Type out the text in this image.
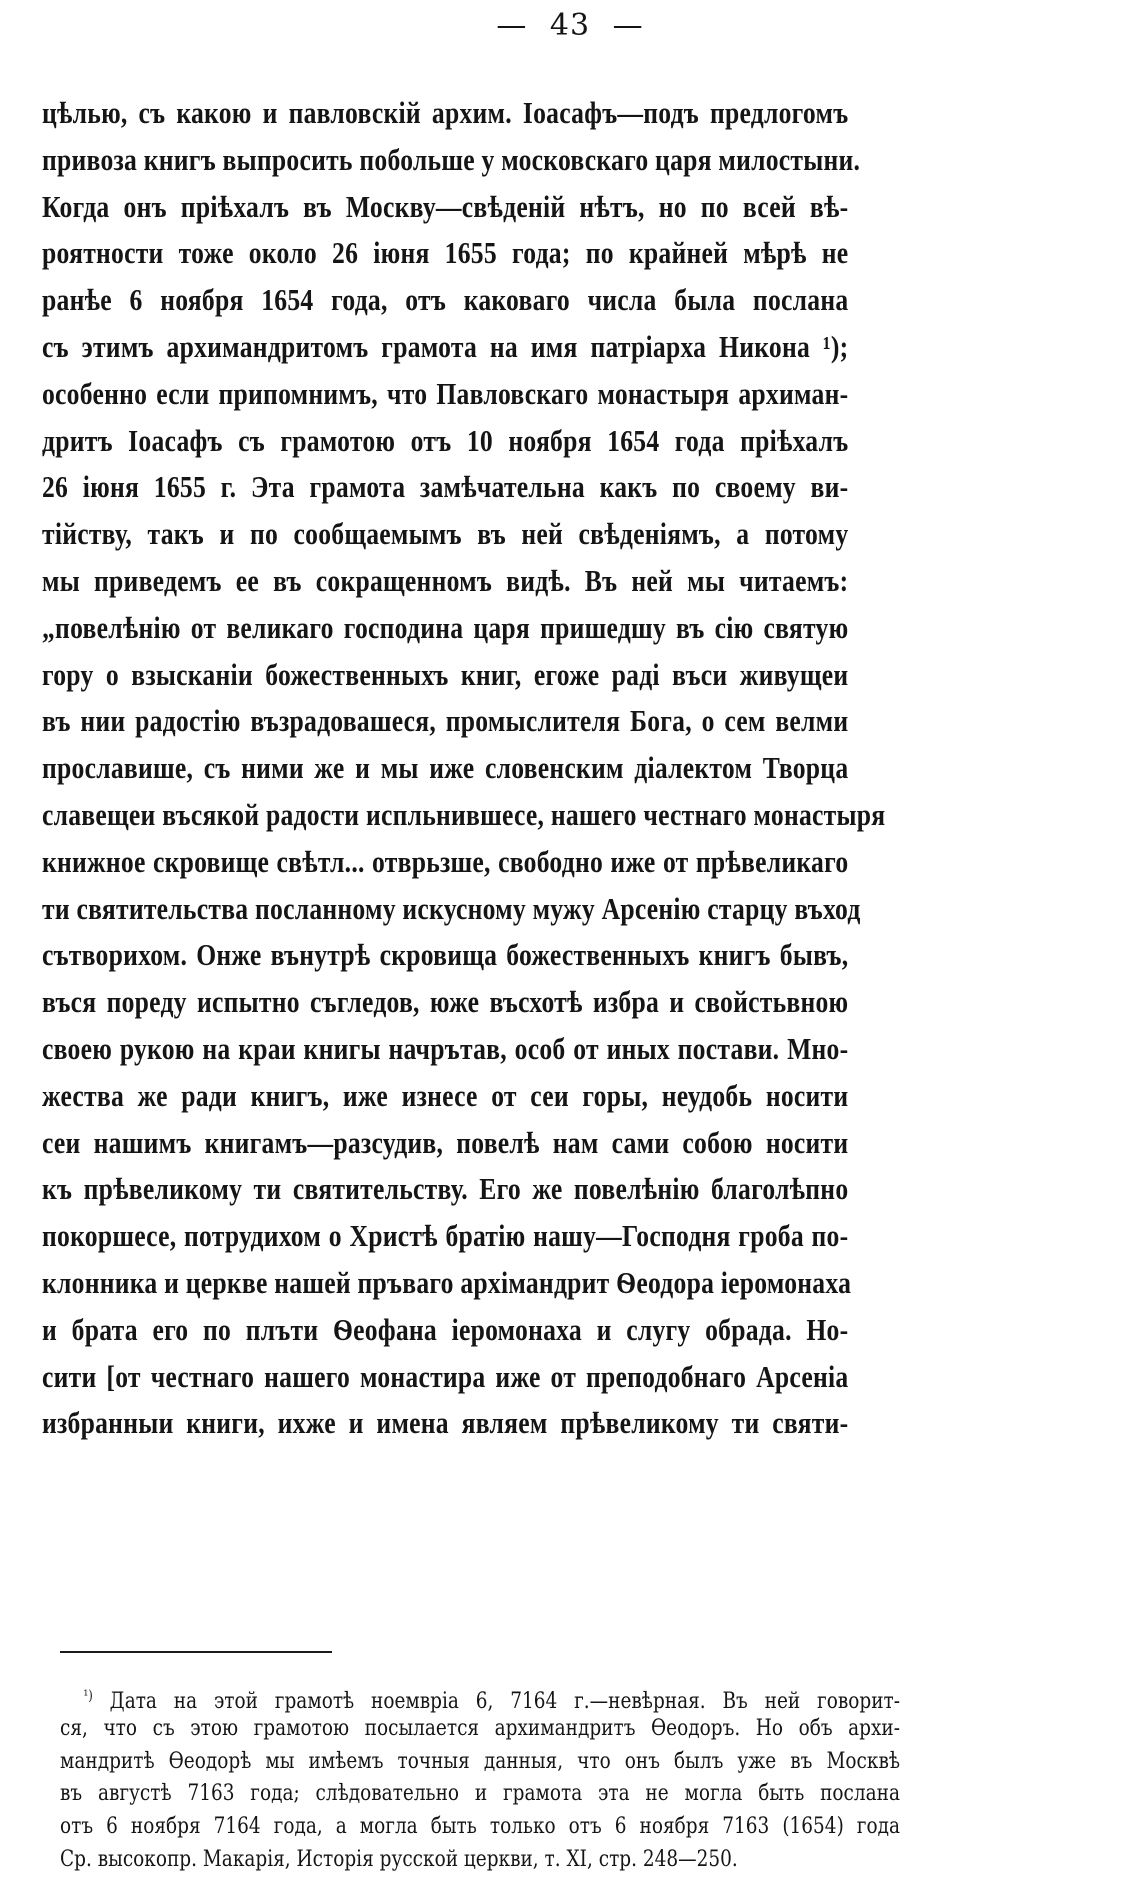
— 43 —
цѣлью, съ какою и павловскій архим. Іоасафъ—подъ предлогомъ
привоза книгъ выпросить побольше у московскаго царя милостыни.
Когда онъ пріѣхалъ въ Москву—свѣденій нѣтъ, но по всей вѣ-
роятности тоже около 26 іюня 1655 года; по крайней мѣрѣ не
ранѣе 6 ноября 1654 года, отъ каковаго числа была послана
съ этимъ архимандритомъ грамота на имя патріарха Никона ¹);
особенно если припомнимъ, что Павловскаго монастыря архиман-
дритъ Іоасафъ съ грамотою отъ 10 ноября 1654 года пріѣхалъ
26 іюня 1655 г. Эта грамота замѣчательна какъ по своему ви-
тійству, такъ и по сообщаемымъ въ ней свѣденіямъ, а потому
мы приведемъ ее въ сокращенномъ видѣ. Въ ней мы читаемъ:
„повелѣнію от великаго господина царя пришедшу въ сію святую
гору о взысканіи божественныхъ книг, егоже раді въси живущеи
въ нии радостію възрадовашеся, промыслителя Бога, о сем велми
прославише, съ ними же и мы иже словенским діалектом Творца
славещеи въсякой радости испльнившесе, нашего честнаго монастыря
книжное скровище свѣтл... отврьзше, свободно иже от прѣвеликаго
ти святительства посланному искусному мужу Арсенію старцу въход
сътворихом. Онже вънутрѣ скровища божественныхъ книгъ бывъ,
въся пореду испытно съгледов, юже въсхотѣ избра и свойстьвною
своею рукою на краи книгы начрътав, особ от иных постави. Мно-
жества же ради книгъ, иже изнесе от сеи горы, неудобь носити
сеи нашимъ книгамъ—разсудив, повелѣ нам сами собою носити
къ прѣвеликому ти святительству. Его же повелѣнію благолѣпно
покоршесе, потрудихом о Христѣ братію нашу—Господня гроба по-
клонника и церкве нашей пръваго архімандрит Ѳеодора іеромонаха
и брата его по плъти Ѳеофана іеромонаха и слугу обрада. Но-
сити [от честнаго нашего монастира иже от преподобнаго Арсеніа
избранныи книги, ихже и имена являем прѣвеликому ти святи-
$^{^1)}$ Дата на этой грамотѣ ноемвріа 6, 7164 г.—невѣрная. Въ ней говорит-
ся, что съ этою грамотою посылается архимандритъ Ѳеодоръ. Но объ архи-
мандритѣ Ѳеодорѣ мы имѣемъ точныя данныя, что онъ былъ уже въ Москвѣ
въ августѣ 7163 года; слѣдовательно и грамота эта не могла быть послана
отъ 6 ноября 7164 года, а могла быть только отъ 6 ноября 7163 (1654) года
Ср. высокопр. Макарія, Исторія русской церкви, т. XI, стр. 248—250.
